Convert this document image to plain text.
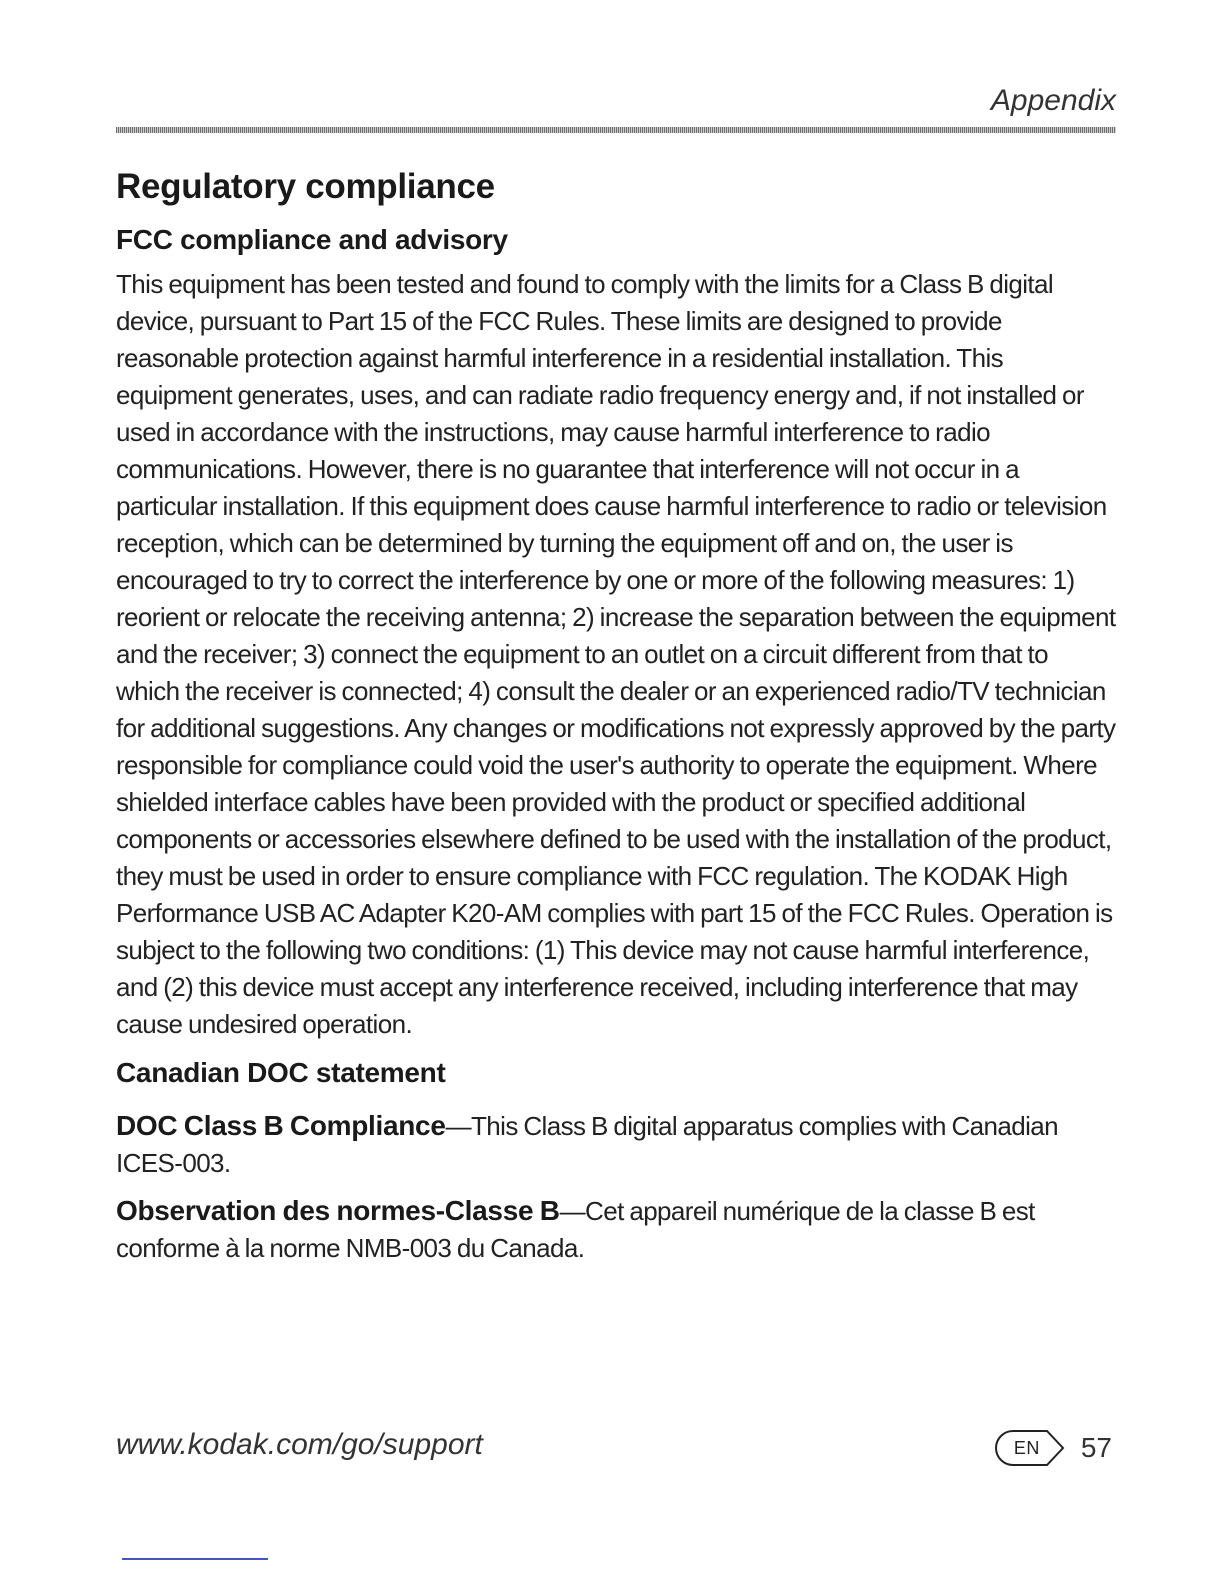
Appendix
Regulatory compliance
FCC compliance and advisory

This equipment has been tested and found to comply with the limits for a Class B digital device, pursuant to Part 15 of the FCC Rules. These limits are designed to provide reasonable protection against harmful interference in a residential installation. This equipment generates, uses, and can radiate radio frequency energy and, if not installed or used in accordance with the instructions, may cause harmful interference to radio communications. However, there is no guarantee that interference will not occur in a particular installation. If this equipment does cause harmful interference to radio or television reception, which can be determined by turning the equipment off and on, the user is encouraged to try to correct the interference by one or more of the following measures: 1) reorient or relocate the receiving antenna; 2) increase the separation between the equipment and the receiver; 3) connect the equipment to an outlet on a circuit different from that to which the receiver is connected; 4) consult the dealer or an experienced radio/TV technician for additional suggestions. Any changes or modifications not expressly approved by the party responsible for compliance could void the user's authority to operate the equipment. Where shielded interface cables have been provided with the product or specified additional components or accessories elsewhere defined to be used with the installation of the product, they must be used in order to ensure compliance with FCC regulation. The KODAK High Performance USB AC Adapter K20-AM complies with part 15 of the FCC Rules. Operation is subject to the following two conditions: (1) This device may not cause harmful interference, and (2) this device must accept any interference received, including interference that may cause undesired operation.

Canadian DOC statement

DOC Class B Compliance—This Class B digital apparatus complies with Canadian ICES-003.

Observation des normes-Classe B—Cet appareil numérique de la classe B est conforme à la norme NMB-003 du Canada.

www.kodak.com/go/support	EN	57
